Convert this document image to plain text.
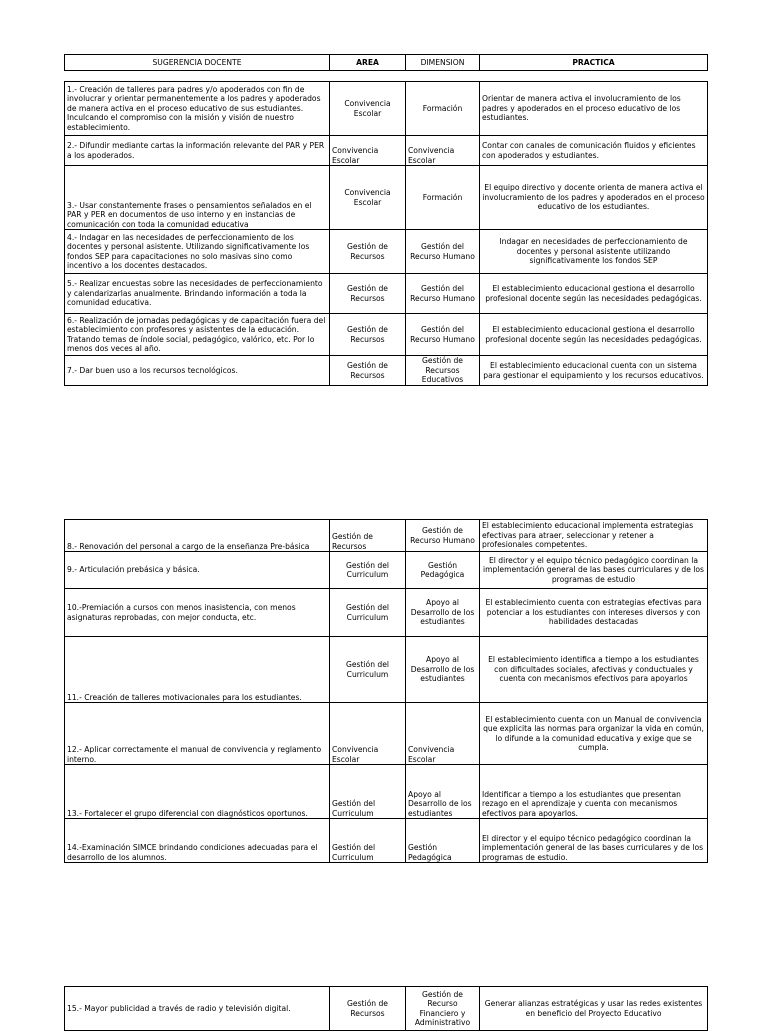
SUGERENCIA DOCENTE	AREA	DIMENSION	PRACTICA
1.- Creación de talleres para padres y/o apoderados con fin de involucrar y orientar permanentemente a los padres y apoderados de manera activa en el proceso educativo de sus estudiantes. Inculcando el compromiso con la misión y visión de nuestro establecimiento.	Convivencia Escolar	Formación	Orientar de manera activa el involucramiento de los padres y apoderados en el proceso educativo de los estudiantes.
2.- Difundir mediante cartas la información relevante del PAR y PER a los apoderados.	Convivencia Escolar	Convivencia Escolar	Contar con canales de comunicación fluidos y eficientes con apoderados y estudiantes.
3.- Usar constantemente frases o pensamientos señalados en el PAR y PER en documentos de uso interno y en instancias de comunicación con toda la comunidad educativa	Convivencia Escolar	Formación	El equipo directivo y docente orienta de manera activa el involucramiento de los padres y apoderados en el proceso educativo de los estudiantes.
4.- Indagar en las necesidades de perfeccionamiento de los docentes y personal asistente. Utilizando significativamente los fondos SEP para capacitaciones no solo masivas sino como incentivo a los docentes destacados.	Gestión de Recursos	Gestión del Recurso Humano	Indagar en necesidades de perfeccionamiento de docentes y personal asistente utilizando significativamente los fondos SEP
5.- Realizar encuestas sobre las necesidades de perfeccionamiento y calendarizarlas anualmente. Brindando información a toda la comunidad educativa.	Gestión de Recursos	Gestión del Recurso Humano	El establecimiento educacional gestiona el desarrollo profesional docente según las necesidades pedagógicas.
6.- Realización de jornadas pedagógicas y de capacitación fuera del establecimiento con profesores y asistentes de la educación. Tratando temas de índole social, pedagógico, valórico, etc. Por lo menos dos veces al año.	Gestión de Recursos	Gestión del Recurso Humano	El establecimiento educacional gestiona el desarrollo profesional docente según las necesidades pedagógicas.
7.- Dar buen uso a los recursos tecnológicos.	Gestión de Recursos	Gestión de Recursos Educativos	El establecimiento educacional cuenta con un sistema para gestionar el equipamiento y los recursos educativos.
8.- Renovación del personal a cargo de la enseñanza Pre-básica	Gestión de Recursos	Gestión de Recurso Humano	El establecimiento educacional implementa estrategias efectivas para atraer, seleccionar y retener a profesionales competentes.
9.- Articulación prebásica y básica.	Gestión del Curriculum	Gestión Pedagógica	El director y el equipo técnico pedagógico coordinan la implementación general de las bases curriculares y de los programas de estudio
10.-Premiación a cursos con menos inasistencia, con menos asignaturas reprobadas, con mejor conducta, etc.	Gestión del Curriculum	Apoyo al Desarrollo de los estudiantes	El establecimiento cuenta con estrategias efectivas para potenciar a los estudiantes con intereses diversos y con habilidades destacadas
11.- Creación de talleres motivacionales para los estudiantes.	Gestión del Curriculum	Apoyo al Desarrollo de los estudiantes	El establecimiento identifica a tiempo a los estudiantes con dificultades sociales, afectivas y conductuales y cuenta con mecanismos efectivos para apoyarlos
12.- Aplicar correctamente el manual de convivencia y reglamento interno.	Convivencia Escolar	Convivencia Escolar	El establecimiento cuenta con un Manual de convivencia que explicita las normas para organizar la vida en común, lo difunde a la comunidad educativa y exige que se cumpla.
13.- Fortalecer el grupo diferencial con diagnósticos oportunos.	Gestión del Curriculum	Apoyo al Desarrollo de los estudiantes	Identificar a tiempo a los estudiantes que presentan rezago en el aprendizaje y cuenta con mecanismos efectivos para apoyarlos.
14.-Examinación SIMCE brindando condiciones adecuadas para el desarrollo de los alumnos.	Gestión del Curriculum	Gestión Pedagógica	El director y el equipo técnico pedagógico coordinan la implementación general de las bases curriculares y de los programas de estudio.
15.- Mayor publicidad a través de radio y televisión digital.	Gestión de Recursos	Gestión de Recurso Financiero y Administrativo	Generar alianzas estratégicas y usar las redes existentes en beneficio del Proyecto Educativo
